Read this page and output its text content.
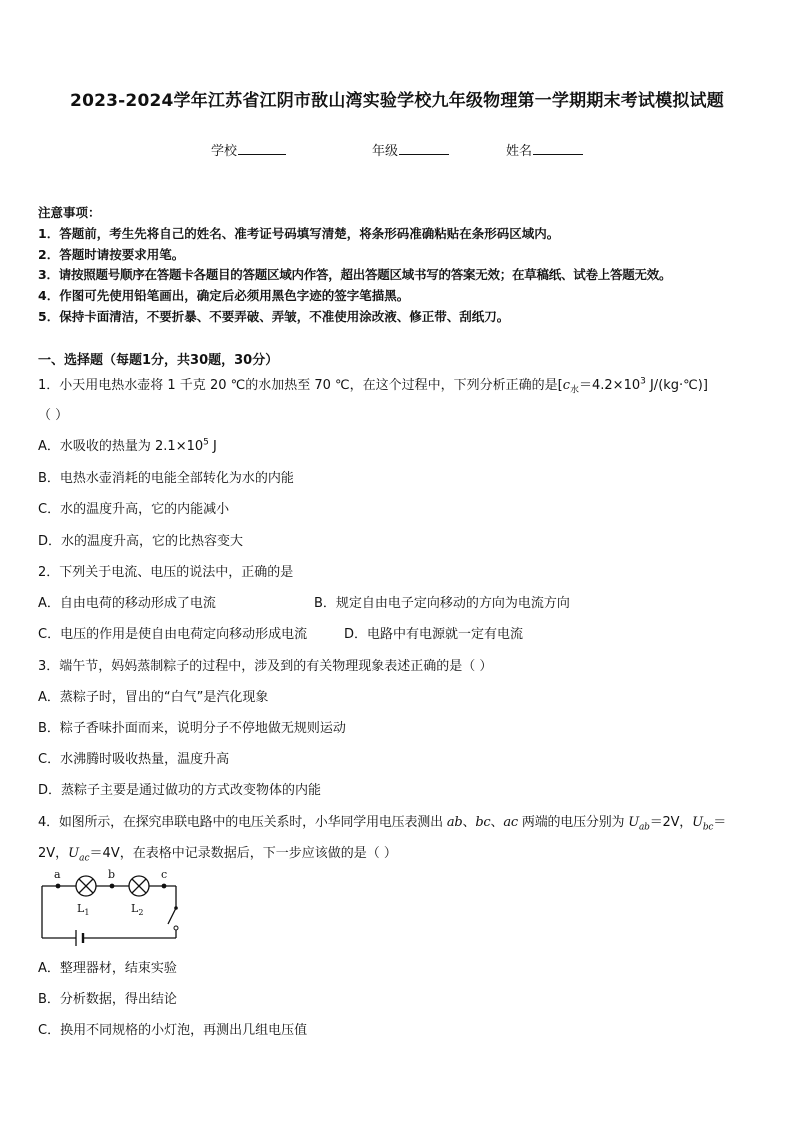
2023-2024学年江苏省江阴市敔山湾实验学校九年级物理第一学期期末考试模拟试题
学校	年级	姓名
注意事项：
1．答题前，考生先将自己的姓名、准考证号码填写清楚，将条形码准确粘贴在条形码区域内。
2．答题时请按要求用笔。
3．请按照题号顺序在答题卡各题目的答题区域内作答，超出答题区域书写的答案无效；在草稿纸、试卷上答题无效。
4．作图可先使用铅笔画出，确定后必须用黑色字迹的签字笔描黑。
5．保持卡面清洁，不要折暴、不要弄破、弄皱，不准使用涂改液、修正带、刮纸刀。
一、选择题（每题1分，共30题，30分）
1．小天用电热水壶将 1 千克 20 ℃的水加热至 70 ℃，在这个过程中，下列分析正确的是[$c_水=4.2\times 10^3$ J/(kg·℃)]
（ ）
A．水吸收的热量为 $2.1\times 10^5$ J
B．电热水壶消耗的电能全部转化为水的内能
C．水的温度升高，它的内能减小
D．水的温度升高，它的比热容变大
2．下列关于电流、电压的说法中，正确的是
A．自由电荷的移动形成了电流	B．规定自由电子定向移动的方向为电流方向
C．电压的作用是使自由电荷定向移动形成电流	D．电路中有电源就一定有电流
3．端午节，妈妈蒸制粽子的过程中，涉及到的有关物理现象表述正确的是（ ）
A．蒸粽子时，冒出的“白气”是汽化现象
B．粽子香味扑面而来，说明分子不停地做无规则运动
C．水沸腾时吸收热量，温度升高
D．蒸粽子主要是通过做功的方式改变物体的内能
4．如图所示，在探究串联电路中的电压关系时，小华同学用电压表测出 ab、bc、ac 两端的电压分别为 $U_{ab}=2V$，$U_{bc}=$
2V，$U_{ac}=4V$，在表格中记录数据后，下一步应该做的是（ ）
a	b	c
$L_1$	$L_2$
A．整理器材，结束实验
B．分析数据，得出结论
C．换用不同规格的小灯泡，再测出几组电压值
